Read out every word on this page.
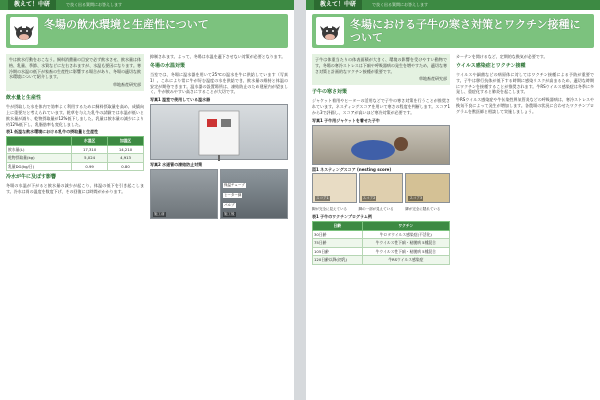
教えて！中研	で良く出る質問にお答えします
冬場の飲水環境と生産性について

牛は飲水行動をおこなう。飼料消費量の目安で必ず飲水させ、飲水量は体格、乳量、季節、水質などに左右されますが、水温も要因になります。寒冷期の水温の低下が家畜の生産性に影響する場合があり、冬場の適切な飲水環境について紹介します。

草地畜産研究部
飲水量と生産性

牛が摂取した水を体内で効率よく利用するために飼料摂取量を高め、成績向上に重要だと考えられています。乾草を与えた乳牛の試験では水温が低いと飲水量が減り、乾物摂取量が12%低下しました。乳量は飲水量の減少により約12%低下し、乳脂肪率も変化しました。

表1 低温な飲水環境における乳牛の摂取量と生産性
	水温区	加温区
飲水量(L)	17,310	14,210
乾物摂取量(kg)	5,024	4,913
乳量DG(kg/日)	0.99	0.80
冷水が牛に及ぼす影響

冬場の水温が下がると飲水量の減少が起こり、体温の低下を引き起こします。冷水は胃の温度を数度下げ、その回復には時間がかかります。

抑制されます。よって、冬場は水温を適下させない対策が必要となります。

冬場の水温対策

当室では、冬場に温水器を用いて25℃の温水を牛に供給しています（写真1）。これにより常に牛が好む温度の水を供給でき、飲水量の維持と体温の安定が期待できます。温水器の設置場所は、凍結防止のため建屋内が望ましく、牛が飲みやすい高さにすることが大切です。

写真1 温室で使用している温水器
写真2 水道管の凍結防止対策
施工前	施工後
保温チューブ
ヒーター線
バルブ
教えて！中研	で良く出る質問にお答えします
冬場における子牛の寒さ対策とワクチン接種について

子牛は体重当たりの体表面積が大きく、環境の影響を受けやすい動物です。冬場の寒冷ストレスは下痢や呼吸器病の発生を増やすため、適切な寒さ対策と計画的なワクチン接種が重要です。

草地畜産研究部
子牛の寒さ対策

ジャケット着用やヒーターの活用などで子牛の寒さ対策を行うことが推奨されています。ネスティングスコアを用いて寒さの程度を判断します。スコア1から3で評価し、スコアが高いほど寒冷対策が必要です。

写真1 子牛用ジャケットを着せた子牛
図1 ネスティングスコア (nesting score)
スコア1	スコア2	スコア3
脚が完全に見えている	脚の一部が見えている	脚が完全に隠れている
表1 子牛のワクチンプログラム例
日齢	ワクチン
30日齢	牛ロタウイルス感染症(不活化)
75日齢	牛ウイルス性下痢・粘膜病 5種混合
105日齢	牛ウイルス性下痢・粘膜病 5種混合
120日齢以降(初乳)	牛RSウイルス感染症

カーテンを開けるなど、定期的な換気が必要です。

ウイルス感染症とワクチン接種

ウイルスや細菌などの病原体に対してはワクチン接種による予防が重要です。子牛は移行抗体が低下する時期に感染リスクが高まるため、適切な時期にワクチンを接種することが推奨されます。牛RSウイルス感染症は冬季に多発し、重症化すると肺炎を起こします。

牛RSウイルス感染症や牛伝染性鼻気管炎などの呼吸器病は、寒冷ストレスや換気不良によって発生が増加します。各農場の状況に合わせたワクチンプログラムを獣医師と相談して実施しましょう。
